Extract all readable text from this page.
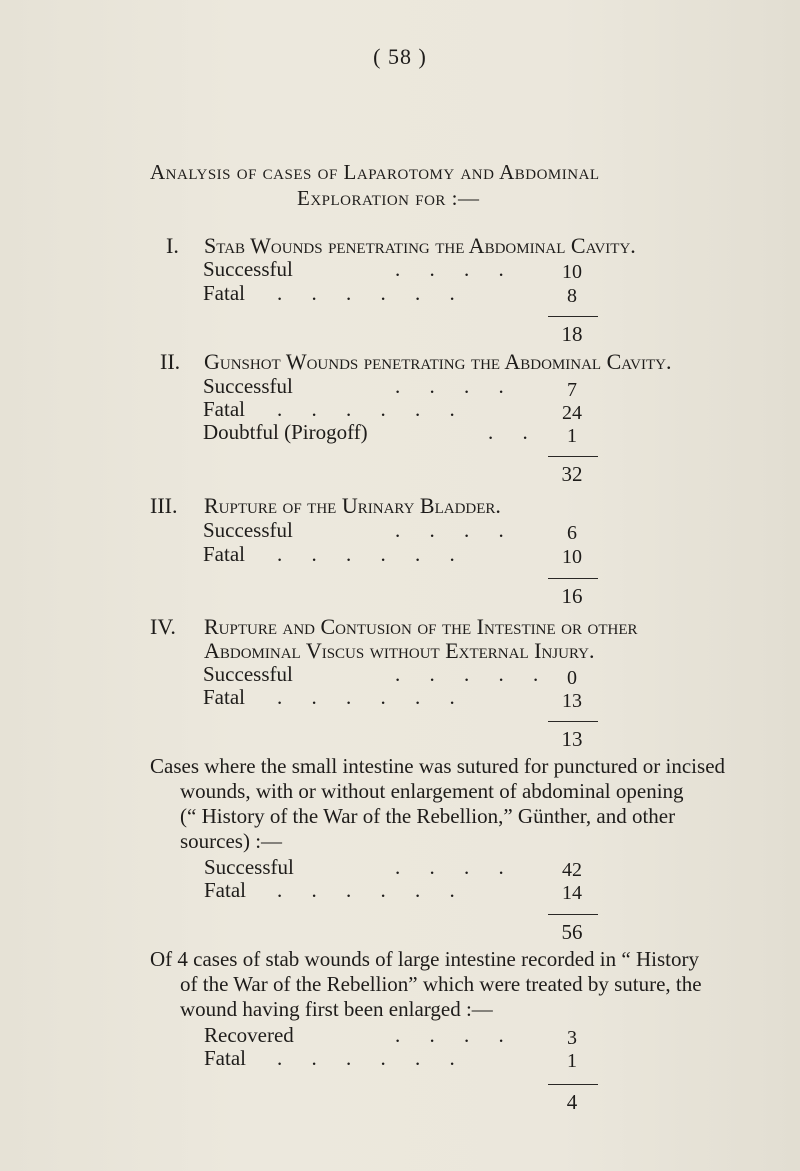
( 58 )
Analysis of cases of Laparotomy and Abdominal
Exploration for :—
I. Stab Wounds penetrating the Abdominal Cavity.
Successful	. . . .	10
Fatal . . . . . .	8
18
II. Gunshot Wounds penetrating the Abdominal Cavity.
Successful	. . . .	7
Fatal . . . . . .	24
Doubtful (Pirogoff)	. .	1
32
III. Rupture of the Urinary Bladder.
Successful	. . . .	6
Fatal . . . . . .	10
16
IV. Rupture and Contusion of the Intestine or other
Abdominal Viscus without External Injury.
Successful	. . . . . 0
Fatal . . . . . .	13
13
Cases where the small intestine was sutured for punctured or incised
wounds, with or without enlargement of abdominal opening
(“ History of the War of the Rebellion,” Günther, and other
sources) :—
Successful	. . . .	42
Fatal . . . . . .	14
56
Of 4 cases of stab wounds of large intestine recorded in “ History
of the War of the Rebellion” which were treated by suture, the
wound having first been enlarged :—
Recovered	. . . .	3
Fatal . . . . . .	1
4
